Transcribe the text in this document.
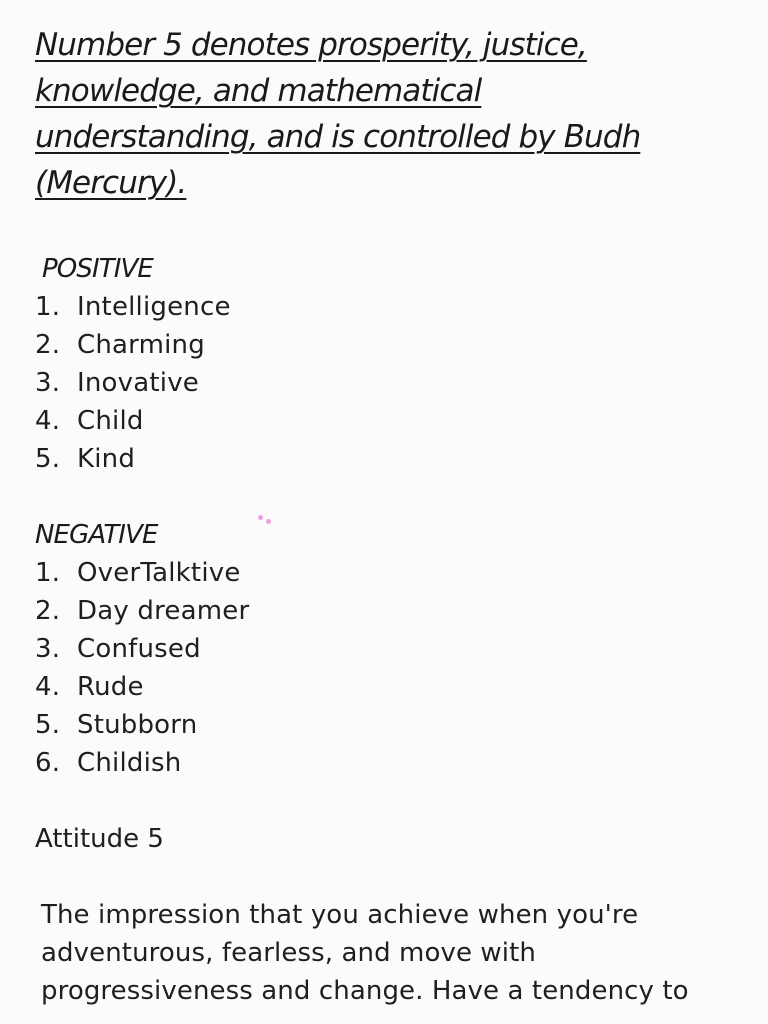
Number 5 denotes prosperity, justice,
knowledge, and mathematical
understanding, and is controlled by Budh
(Mercury).
POSITIVE
1. Intelligence
2. Charming
3. Inovative
4. Child
5. Kind
NEGATIVE
1. OverTalktive
2. Day dreamer
3. Confused
4. Rude
5. Stubborn
6. Childish
Attitude 5
The impression that you achieve when you're
adventurous, fearless, and move with
progressiveness and change. Have a tendency to
